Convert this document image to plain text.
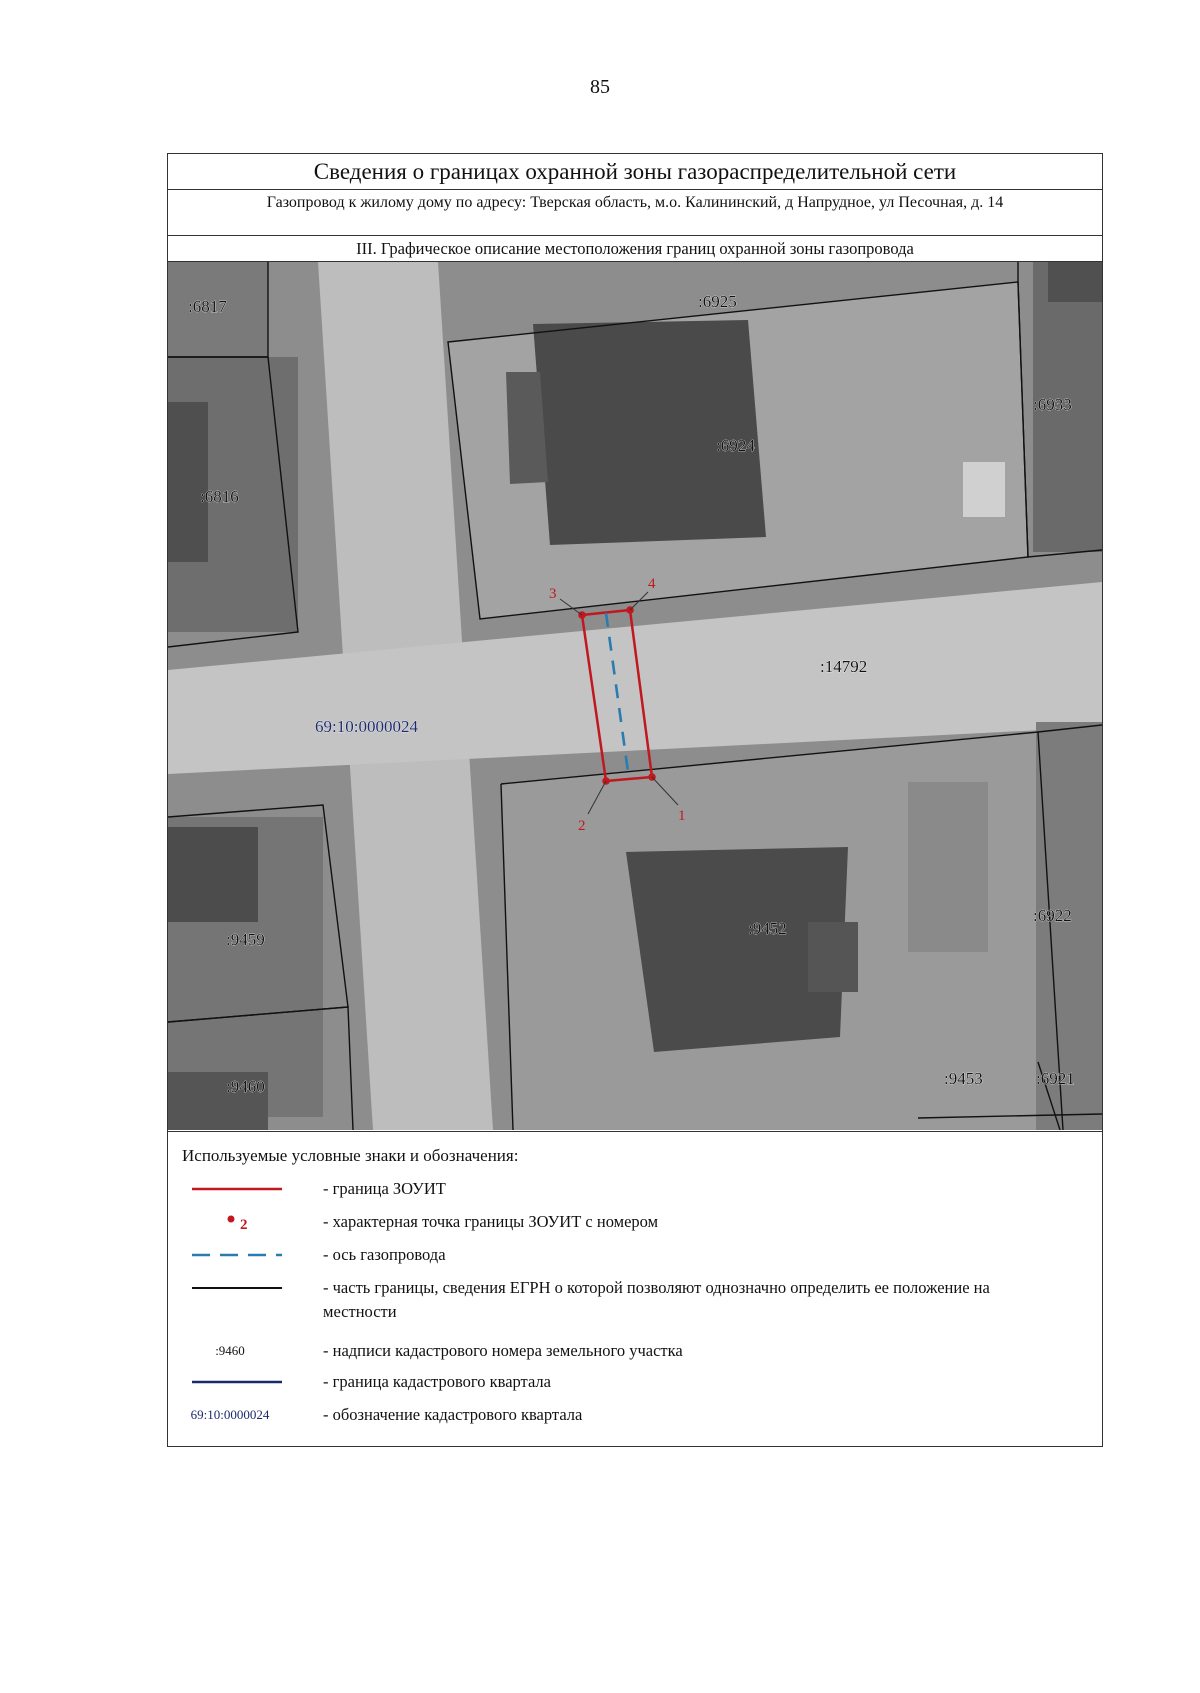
85
Сведения о границах охранной зоны газораспределительной сети
Газопровод к жилому дому по адресу: Тверская область, м.о. Калининский, д Напрудное, ул Песочная, д. 14
III. Графическое описание местоположения границ охранной зоны газопровода
1
2
3
4
:6817	:6925
:6933
:6924
:6816
:14792
:9459
:9452
:6922
:9460	:9453	:6921
69:10:0000024
Используемые условные знаки и обозначения:
- граница ЗОУИТ
2	- характерная точка границы ЗОУИТ с номером
- ось газопровода
- часть границы, сведения ЕГРН о которой позволяют однозначно определить ее положение на местности
:9460	- надписи кадастрового номера земельного участка
- граница кадастрового квартала
69:10:0000024	- обозначение кадастрового квартала
